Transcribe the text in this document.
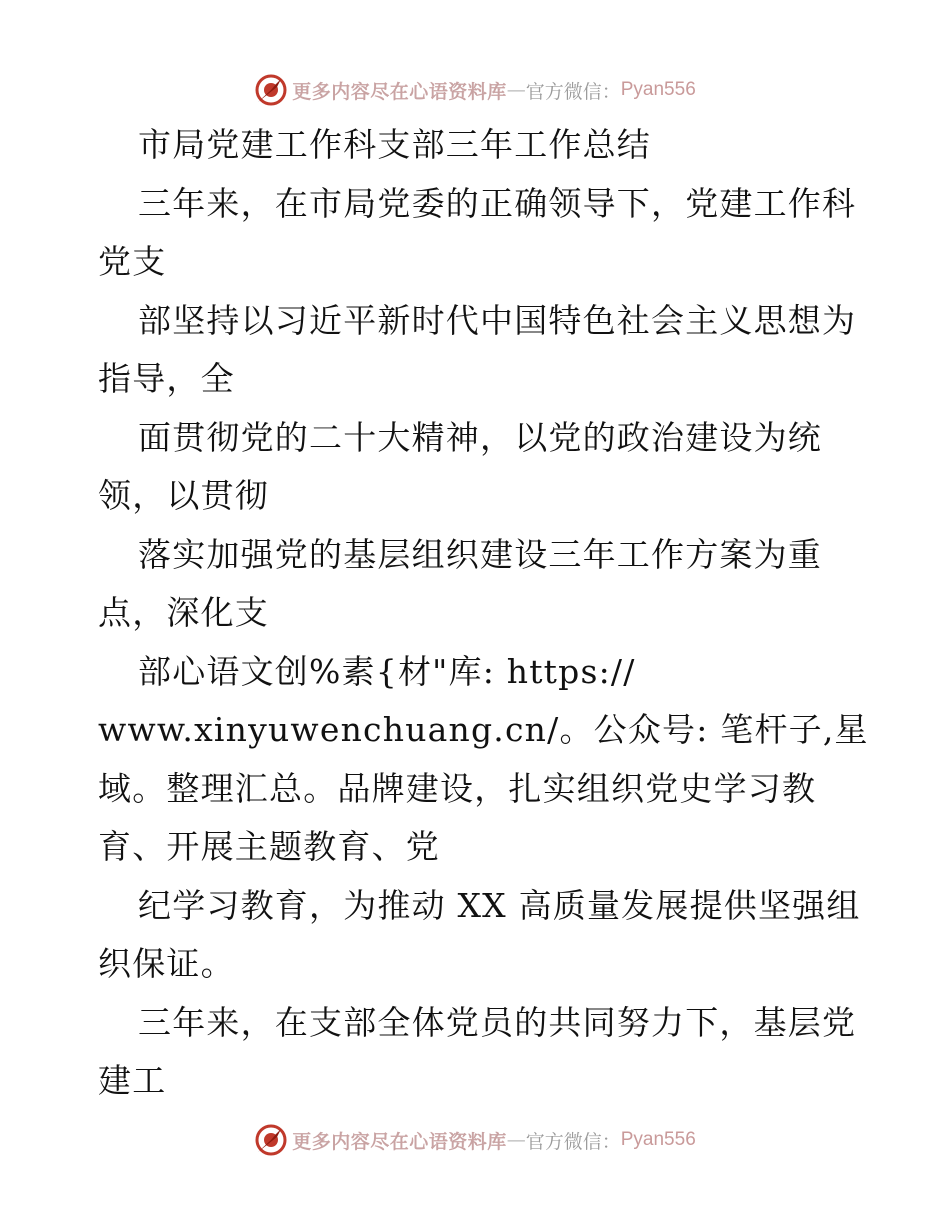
更多内容尽在心语资料库 — 官方微信： Pyan556
市局党建工作科支部三年工作总结
三年来，在市局党委的正确领导下，党建工作科
党支
部坚持以习近平新时代中国特色社会主义思想为
指导，全
面贯彻党的二十大精神，以党的政治建设为统
领，以贯彻
落实加强党的基层组织建设三年工作方案为重
点，深化支
部心语文创%素{材"库: https://
www.xinyuwenchuang.cn/。公众号: 笔杆子,星
域。整理汇总。品牌建设，扎实组织党史学习教
育、开展主题教育、党
纪学习教育，为推动 XX 高质量发展提供坚强组
织保证。
三年来，在支部全体党员的共同努力下，基层党
建工
更多内容尽在心语资料库 — 官方微信： Pyan556
